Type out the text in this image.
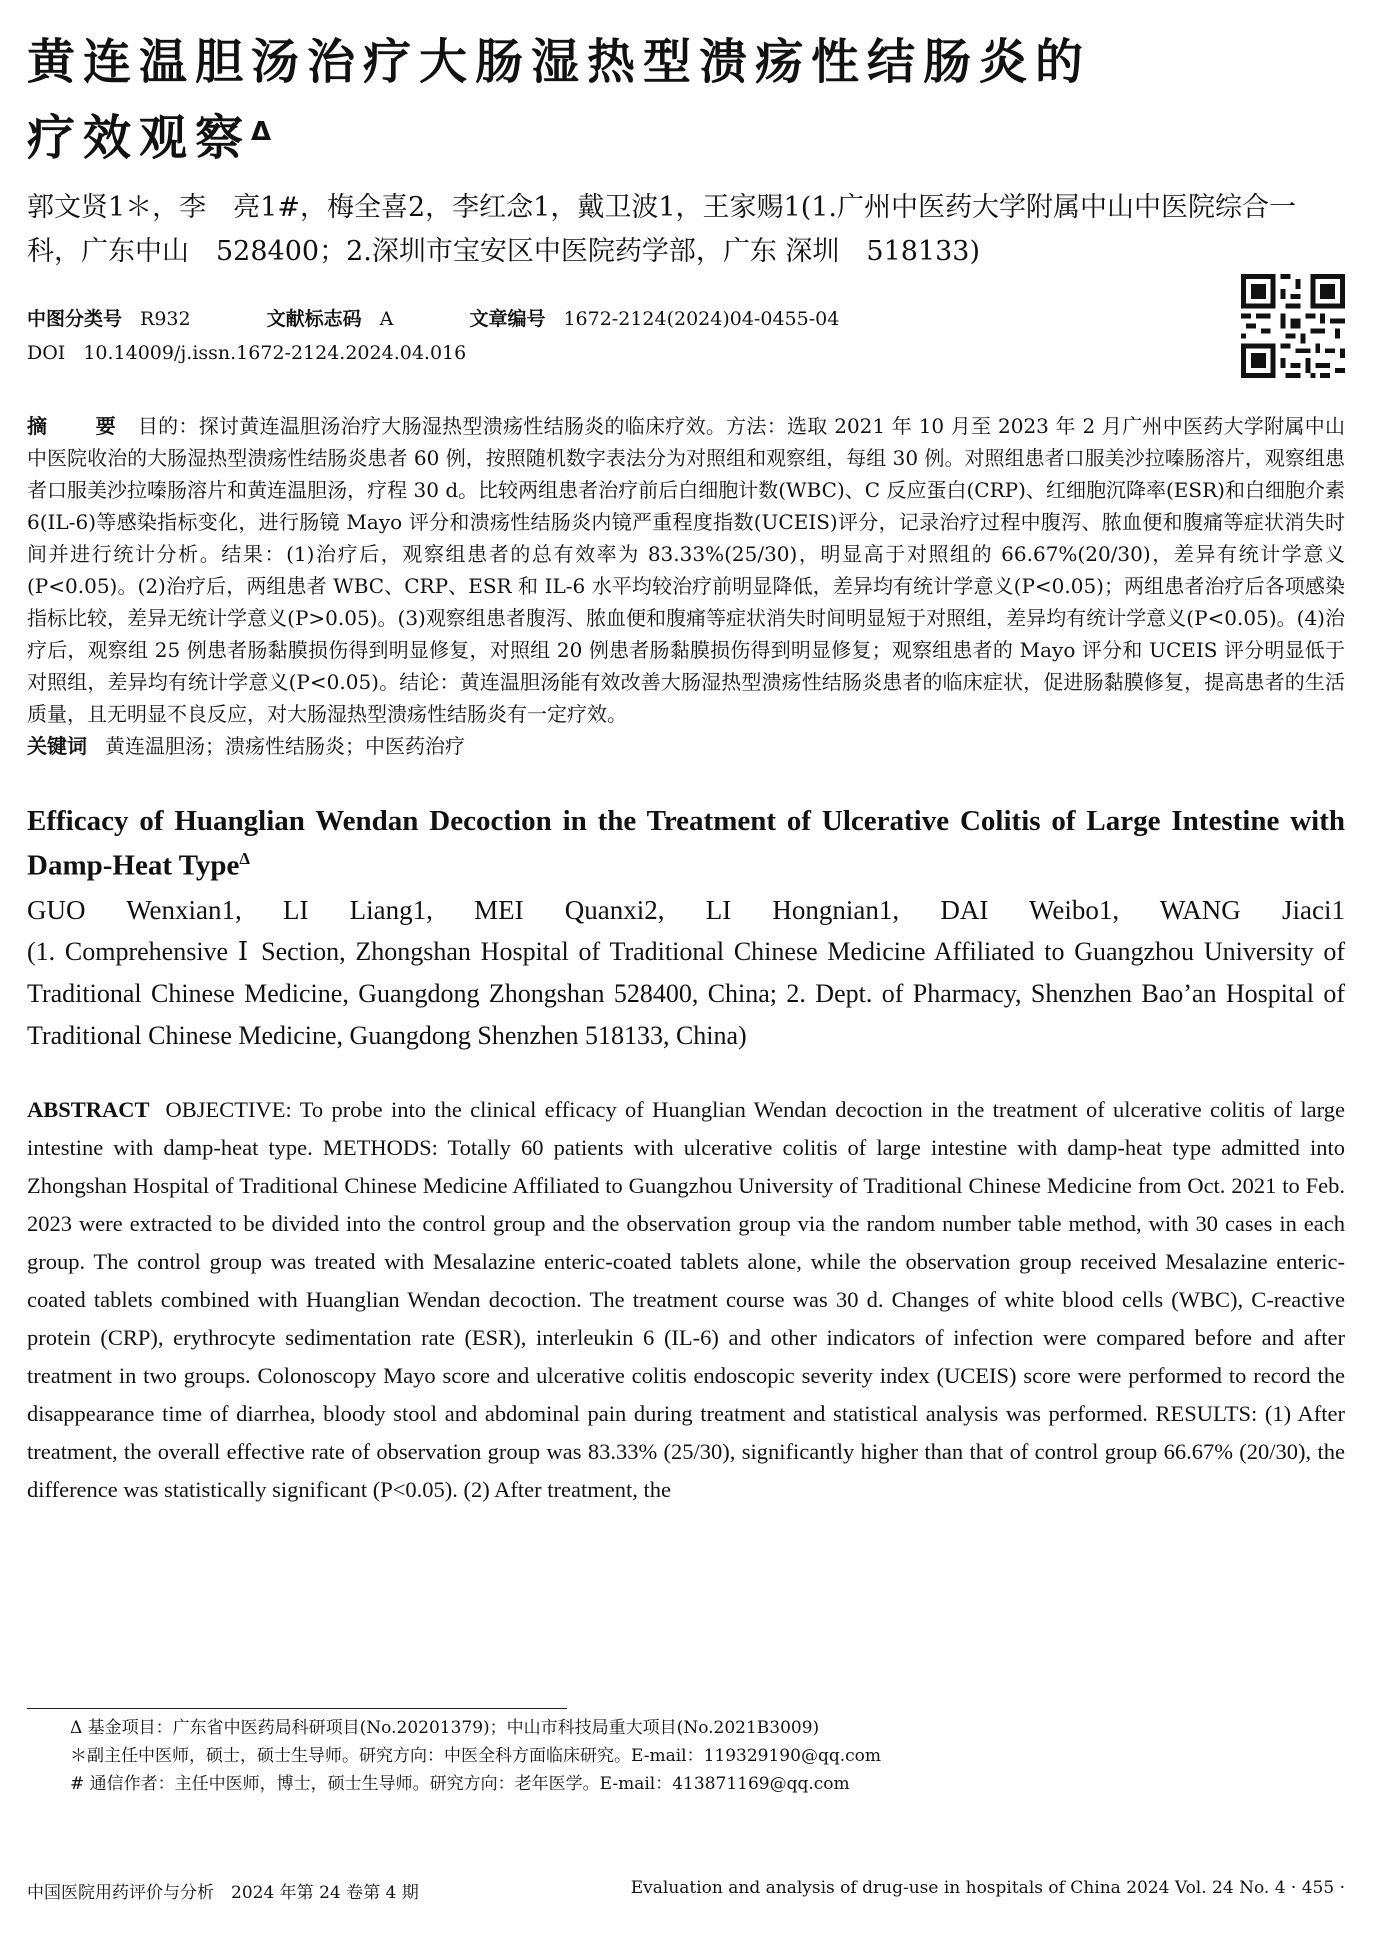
黄连温胆汤治疗大肠湿热型溃疡性结肠炎的
疗效观察$^\Delta$
郭文贤1＊，李　亮1#，梅全喜2，李红念1，戴卫波1，王家赐1(1.广州中医药大学附属中山中医院综合一科，广东中山　528400；2.深圳市宝安区中医院药学部，广东 深圳　518133)
中图分类号 R932	文献标志码 A	文章编号 1672-2124(2024)04-0455-04
DOI 10.14009/j.issn.1672-2124.2024.04.016
摘　要 目的：探讨黄连温胆汤治疗大肠湿热型溃疡性结肠炎的临床疗效。方法：选取 2021 年 10 月至 2023 年 2 月广州中医药大学附属中山中医院收治的大肠湿热型溃疡性结肠炎患者 60 例，按照随机数字表法分为对照组和观察组，每组 30 例。对照组患者口服美沙拉嗪肠溶片，观察组患者口服美沙拉嗪肠溶片和黄连温胆汤，疗程 30 d。比较两组患者治疗前后白细胞计数(WBC)、C 反应蛋白(CRP)、红细胞沉降率(ESR)和白细胞介素 6(IL-6)等感染指标变化，进行肠镜 Mayo 评分和溃疡性结肠炎内镜严重程度指数(UCEIS)评分，记录治疗过程中腹泻、脓血便和腹痛等症状消失时间并进行统计分析。结果：(1)治疗后，观察组患者的总有效率为 83.33%(25/30)，明显高于对照组的 66.67%(20/30)，差异有统计学意义(P<0.05)。(2)治疗后，两组患者 WBC、CRP、ESR 和 IL-6 水平均较治疗前明显降低，差异均有统计学意义(P<0.05)；两组患者治疗后各项感染指标比较，差异无统计学意义(P>0.05)。(3)观察组患者腹泻、脓血便和腹痛等症状消失时间明显短于对照组，差异均有统计学意义(P<0.05)。(4)治疗后，观察组 25 例患者肠黏膜损伤得到明显修复，对照组 20 例患者肠黏膜损伤得到明显修复；观察组患者的 Mayo 评分和 UCEIS 评分明显低于对照组，差异均有统计学意义(P<0.05)。结论：黄连温胆汤能有效改善大肠湿热型溃疡性结肠炎患者的临床症状，促进肠黏膜修复，提高患者的生活质量，且无明显不良反应，对大肠湿热型溃疡性结肠炎有一定疗效。
关键词 黄连温胆汤；溃疡性结肠炎；中医药治疗
Efficacy of Huanglian Wendan Decoction in the Treatment of Ulcerative Colitis of Large Intestine with Damp-Heat Type$^\Delta$
GUO Wenxian1, LI Liang1, MEI Quanxi2, LI Hongnian1, DAI Weibo1, WANG Jiaci1
(1. Comprehensive Ⅰ Section, Zhongshan Hospital of Traditional Chinese Medicine Affiliated to Guangzhou University of Traditional Chinese Medicine, Guangdong Zhongshan 528400, China; 2. Dept. of Pharmacy, Shenzhen Bao’an Hospital of Traditional Chinese Medicine, Guangdong Shenzhen 518133, China)
ABSTRACT OBJECTIVE: To probe into the clinical efficacy of Huanglian Wendan decoction in the treatment of ulcerative colitis of large intestine with damp-heat type. METHODS: Totally 60 patients with ulcerative colitis of large intestine with damp-heat type admitted into Zhongshan Hospital of Traditional Chinese Medicine Affiliated to Guangzhou University of Traditional Chinese Medicine from Oct. 2021 to Feb. 2023 were extracted to be divided into the control group and the observation group via the random number table method, with 30 cases in each group. The control group was treated with Mesalazine enteric-coated tablets alone, while the observation group received Mesalazine enteric-coated tablets combined with Huanglian Wendan decoction. The treatment course was 30 d. Changes of white blood cells (WBC), C-reactive protein (CRP), erythrocyte sedimentation rate (ESR), interleukin 6 (IL-6) and other indicators of infection were compared before and after treatment in two groups. Colonoscopy Mayo score and ulcerative colitis endoscopic severity index (UCEIS) score were performed to record the disappearance time of diarrhea, bloody stool and abdominal pain during treatment and statistical analysis was performed. RESULTS: (1) After treatment, the overall effective rate of observation group was 83.33% (25/30), significantly higher than that of control group 66.67% (20/30), the difference was statistically significant (P<0.05). (2) After treatment, the
Δ 基金项目：广东省中医药局科研项目(No.20201379)；中山市科技局重大项目(No.2021B3009)
＊副主任中医师，硕士，硕士生导师。研究方向：中医全科方面临床研究。E-mail：119329190@qq.com
# 通信作者：主任中医师，博士，硕士生导师。研究方向：老年医学。E-mail：413871169@qq.com
中国医院用药评价与分析　2024 年第 24 卷第 4 期	Evaluation and analysis of drug-use in hospitals of China 2024 Vol. 24 No. 4 · 455 ·
